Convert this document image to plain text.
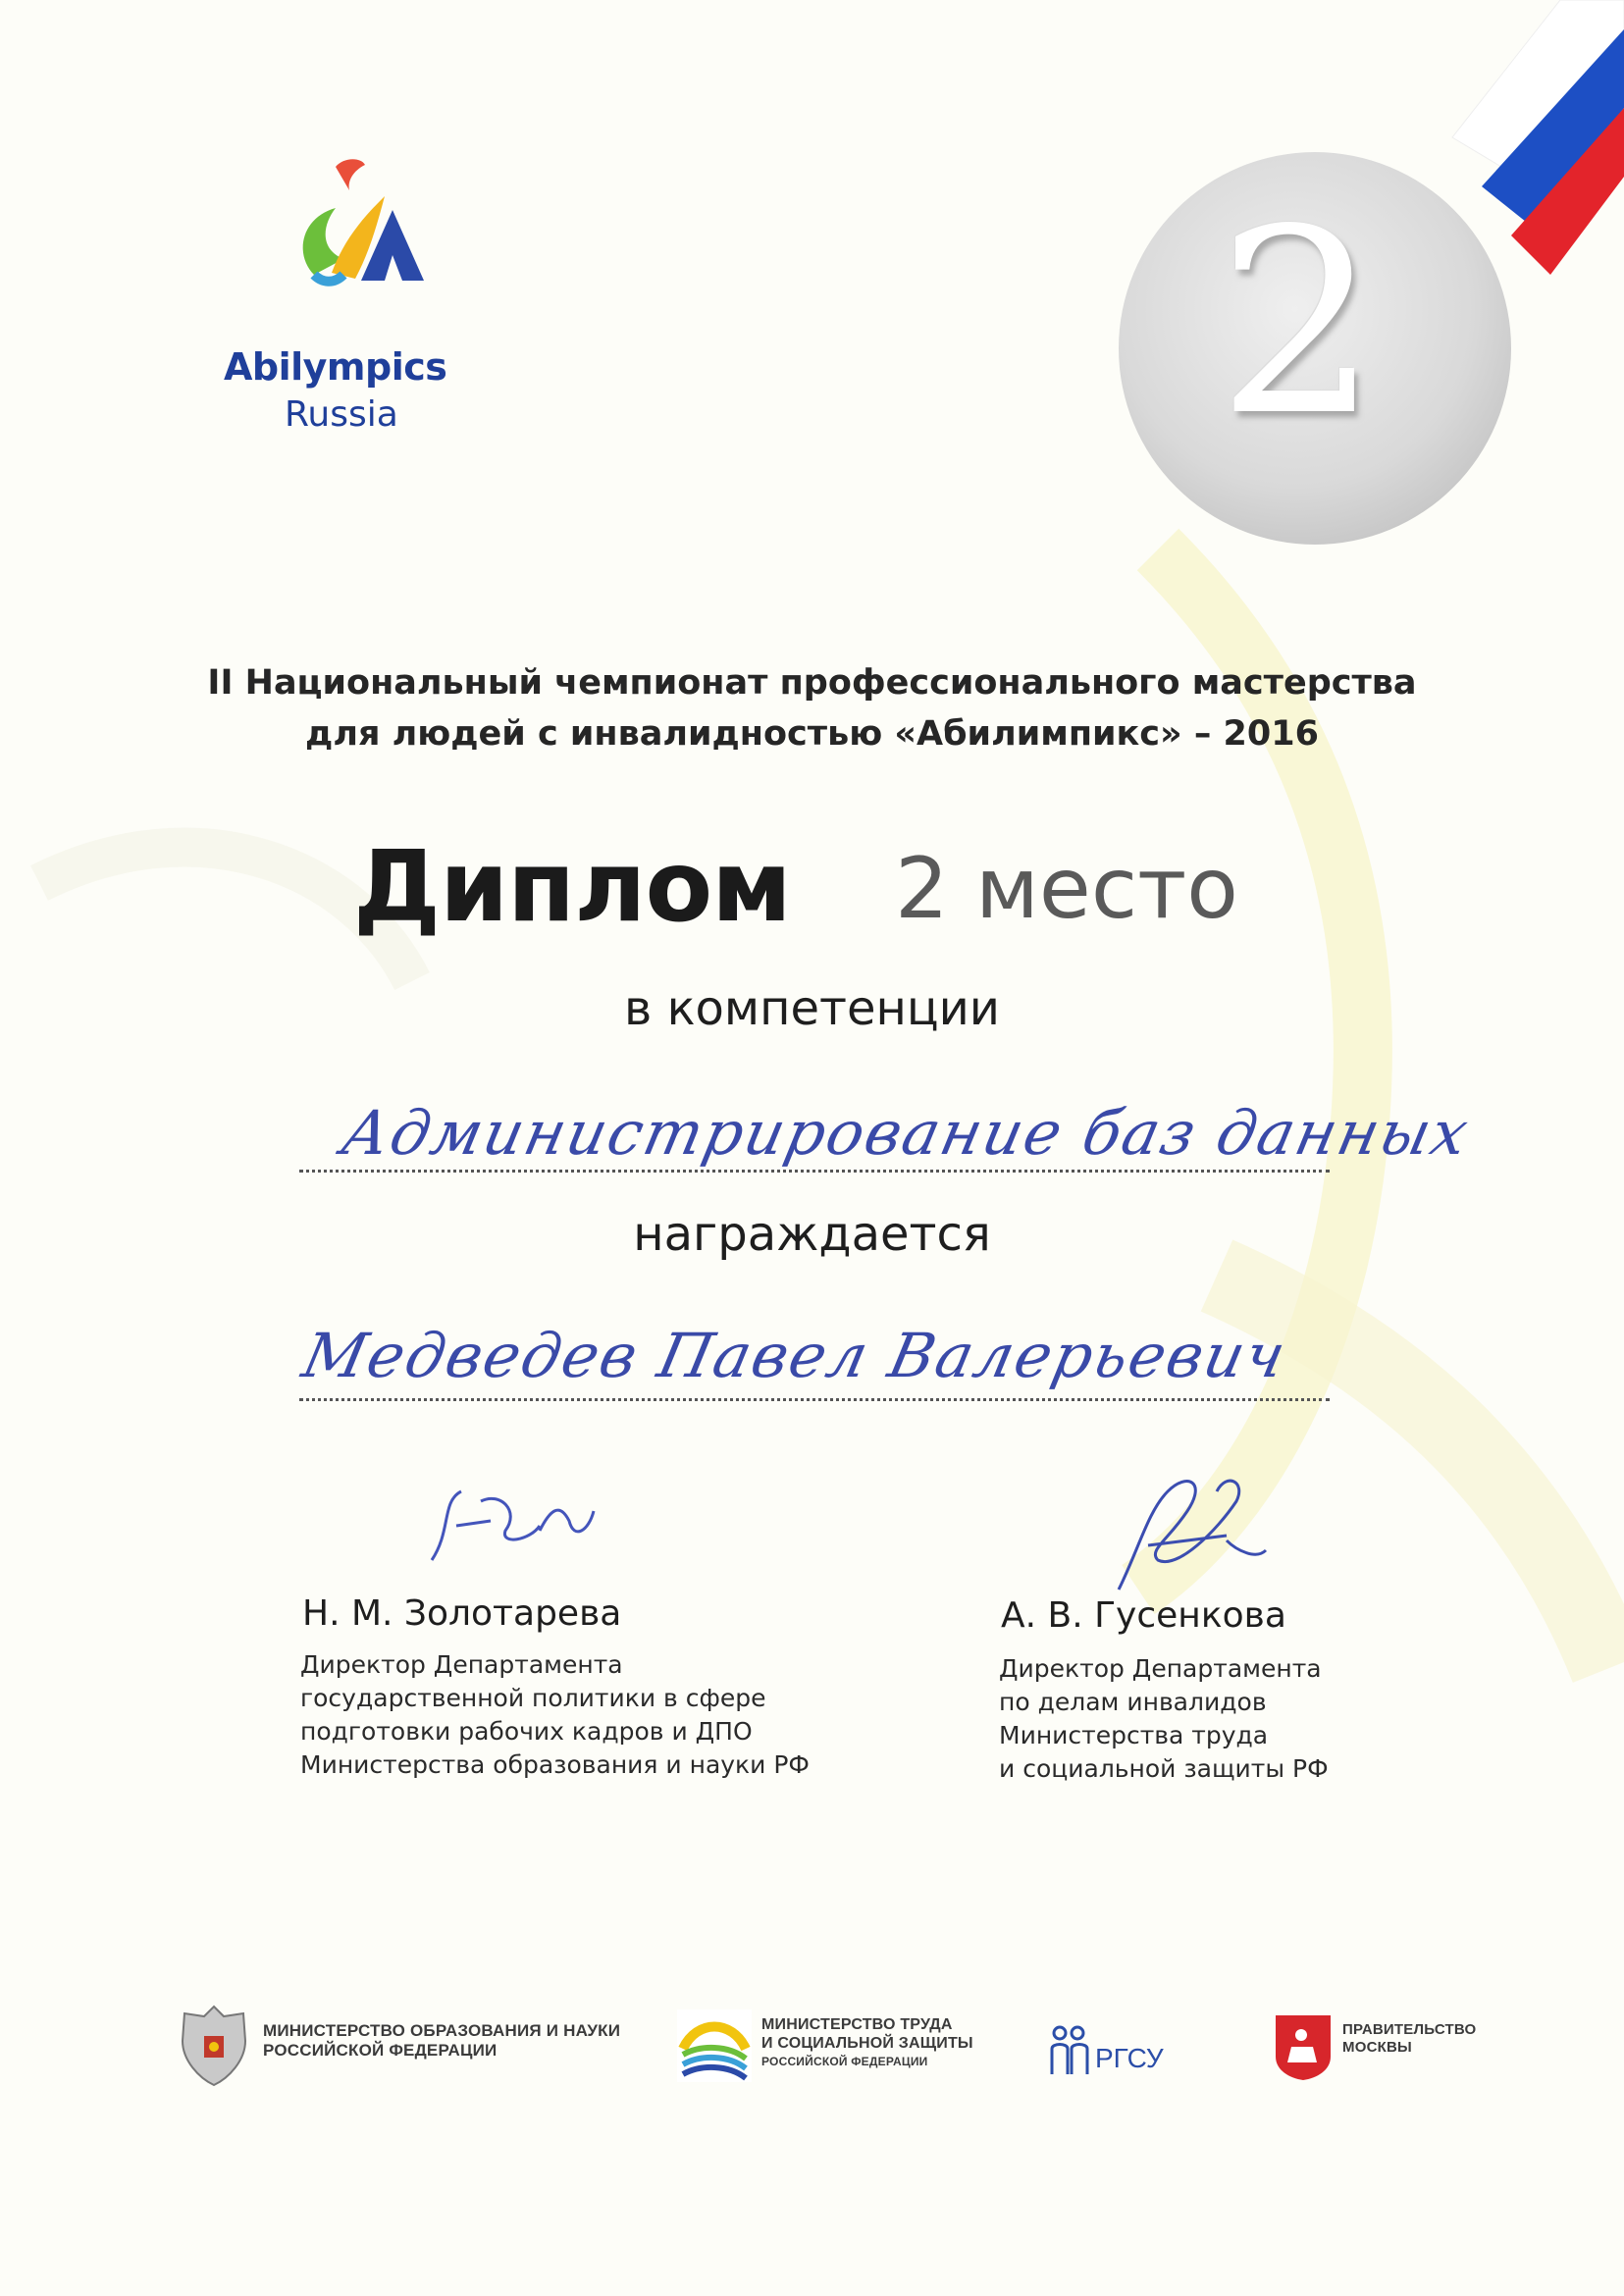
Abilympics
Russia	2
II Национальный чемпионат профессионального мастерства
для людей с инвалидностью «Абилимпикс» – 2016
Диплом 2 место
в компетенции
Администрирование баз данных
награждается
Медведев Павел Валерьевич
Н. М. Золотарева
Директор Департамента
государственной политики в сфере
подготовки рабочих кадров и ДПО
Министерства образования и науки РФ
А. В. Гусенкова
Директор Департамента
по делам инвалидов
Министерства труда
и социальной защиты РФ
МИНИСТЕРСТВО ОБРАЗОВАНИЯ И НАУКИ
РОССИЙСКОЙ ФЕДЕРАЦИИ
МИНИСТЕРСТВО ТРУДА
И СОЦИАЛЬНОЙ ЗАЩИТЫ
РОССИЙСКОЙ ФЕДЕРАЦИИ	РГСУ
ПРАВИТЕЛЬСТВО
МОСКВЫ
